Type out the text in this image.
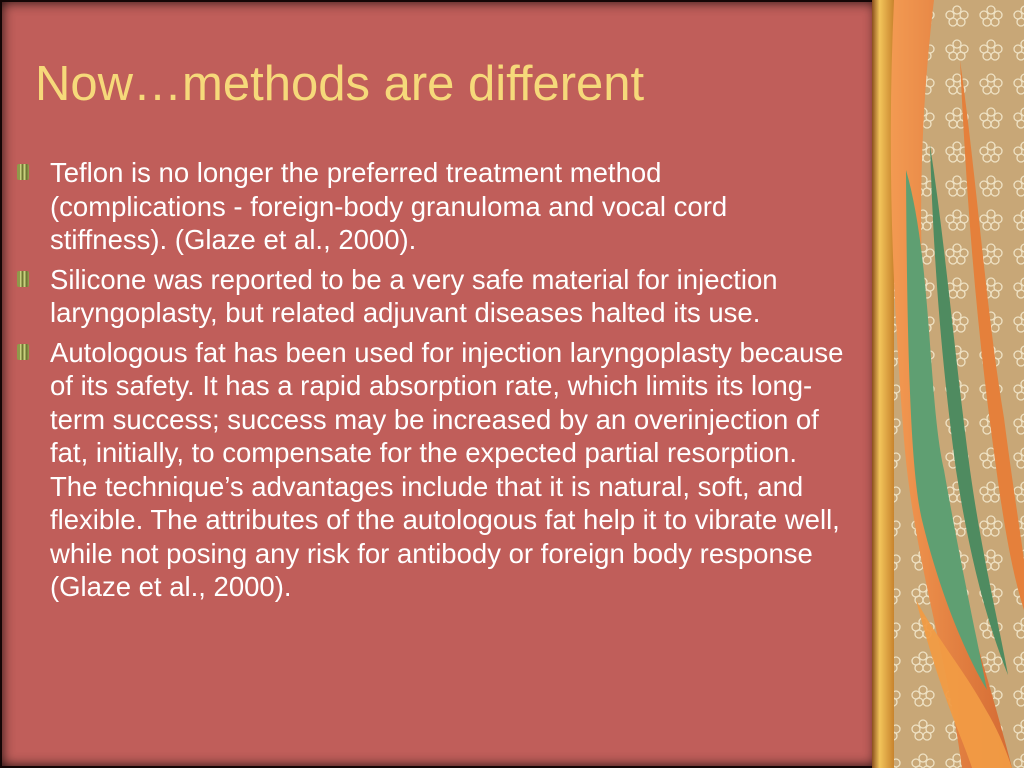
Now…methods are different
Teflon is no longer the preferred treatment method (complications - foreign-body granuloma and vocal cord stiffness). (Glaze et al., 2000).
Silicone was reported to be a very safe material for injection laryngoplasty, but related adjuvant diseases halted its use.
Autologous fat has been used for injection laryngoplasty because of its safety. It has a rapid absorption rate, which limits its long-term success; success may be increased by an overinjection of fat, initially, to compensate for the expected partial resorption. The technique’s advantages include that it is natural, soft, and flexible. The attributes of the autologous fat help it to vibrate well, while not posing any risk for antibody or foreign body response (Glaze et al., 2000).
